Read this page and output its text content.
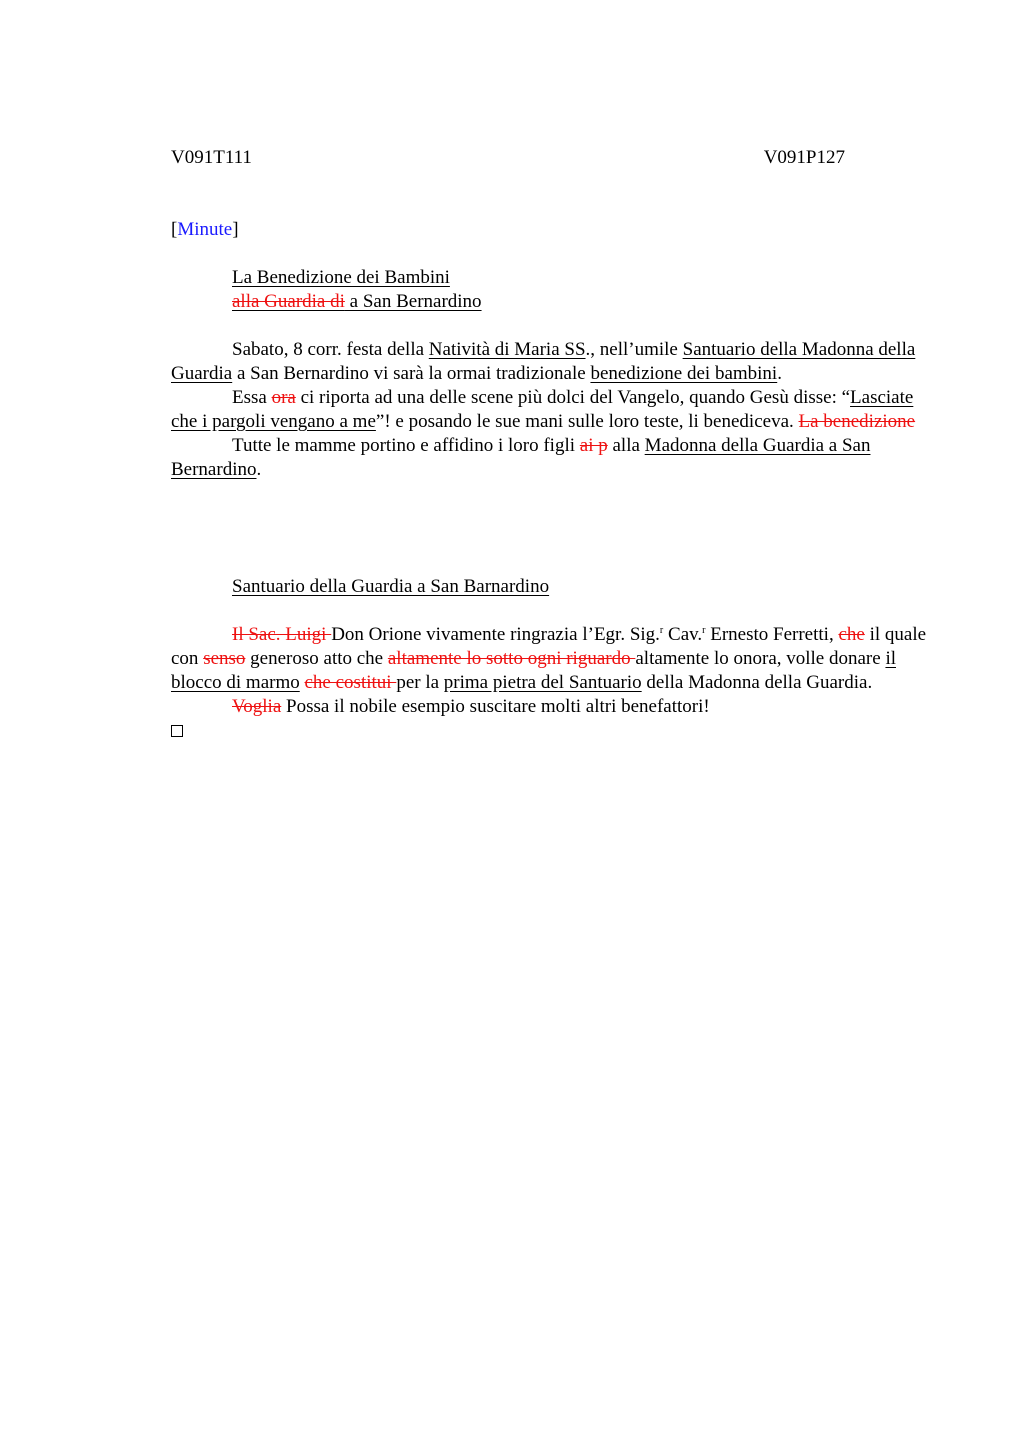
V091T111	V091P127
[Minute]
La Benedizione dei Bambini
alla Guardia di a San Bernardino

Sabato, 8 corr. festa della Natività di Maria SS., nell’umile Santuario della Madonna della Guardia a San Bernardino vi sarà la ormai tradizionale benedizione dei bambini.

Essa ora ci riporta ad una delle scene più dolci del Vangelo, quando Gesù disse: “Lasciate che i pargoli vengano a me”! e posando le sue mani sulle loro teste, li benediceva. La benedizione

Tutte le mamme portino e affidino i loro figli ai p alla Madonna della Guardia a San Bernardino.

Santuario della Guardia a San Barnardino

Il Sac. Luigi Don Orione vivamente ringrazia l’Egr. Sig.$^r$ Cav.$^r$ Ernesto Ferretti, che il quale con senso generoso atto che altamente lo sotto ogni riguardo altamente lo onora, volle donare il blocco di marmo che costitui per la prima pietra del Santuario della Madonna della Guardia.

Voglia Possa il nobile esempio suscitare molti altri benefattori!
